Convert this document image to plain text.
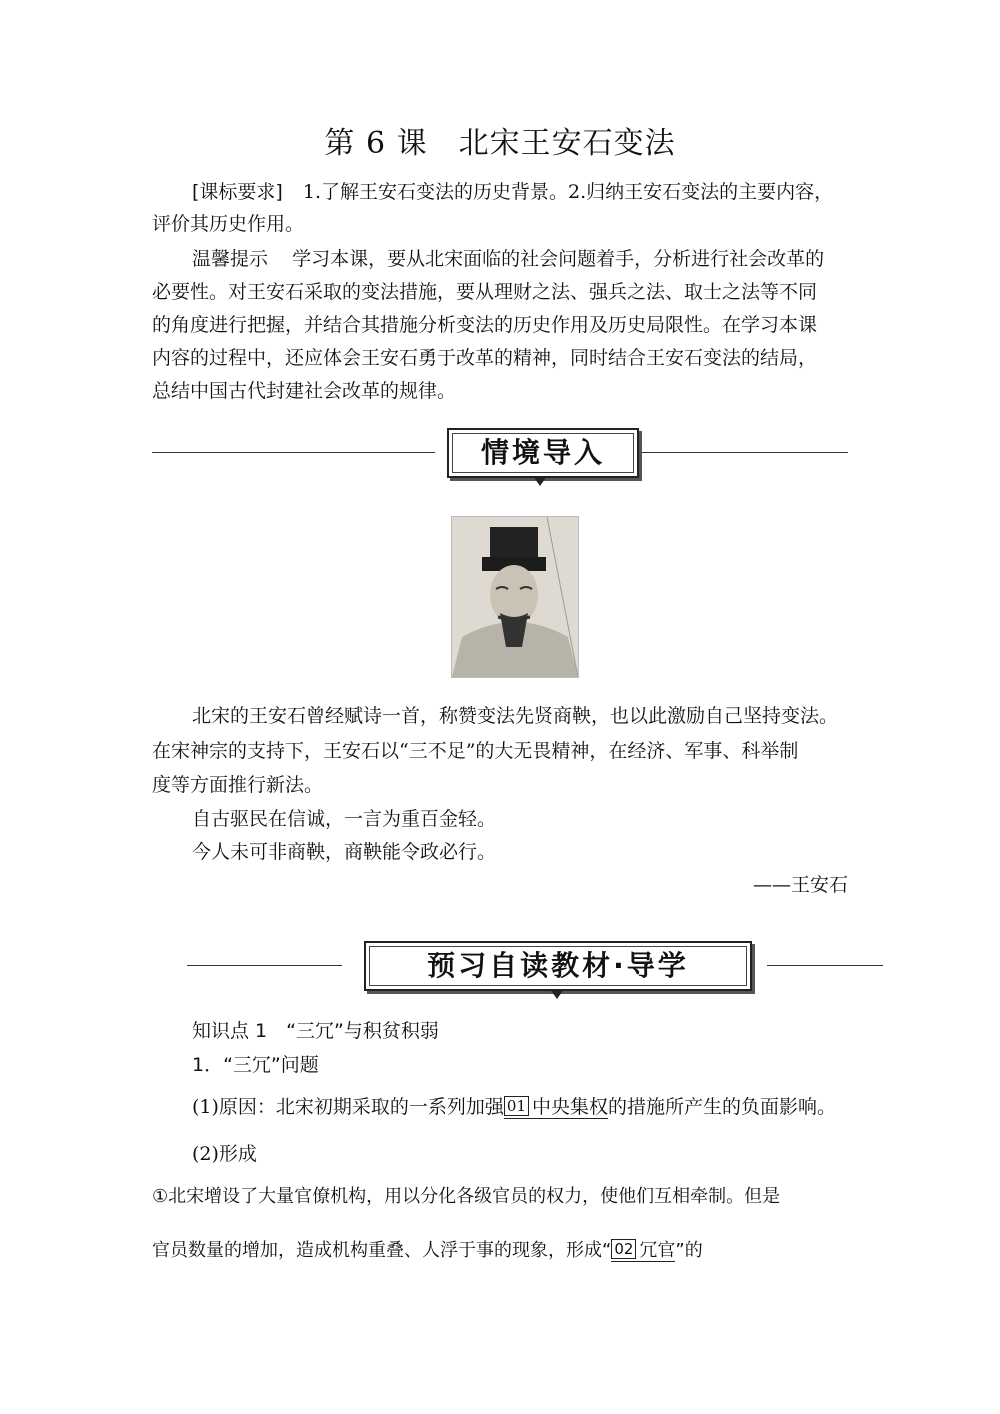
第 6 课　北宋王安石变法
[课标要求] 1.了解王安石变法的历史背景。2.归纳王安石变法的主要内容，
评价其历史作用。
温馨提示 学习本课，要从北宋面临的社会问题着手，分析进行社会改革的
必要性。对王安石采取的变法措施，要从理财之法、强兵之法、取士之法等不同
的角度进行把握，并结合其措施分析变法的历史作用及历史局限性。在学习本课
内容的过程中，还应体会王安石勇于改革的精神，同时结合王安石变法的结局，
总结中国古代封建社会改革的规律。
情境导入
北宋的王安石曾经赋诗一首，称赞变法先贤商鞅，也以此激励自己坚持变法。
在宋神宗的支持下，王安石以“三不足”的大无畏精神，在经济、军事、科举制
度等方面推行新法。
自古驱民在信诚，一言为重百金轻。
今人未可非商鞅，商鞅能令政必行。
——王安石
预习自读教材·导学
知识点 1　“三冗”与积贫积弱
1．“三冗”问题
(1)原因：北宋初期采取的一系列加强 01 中央集权的措施所产生的负面影响。
(2)形成
①北宋增设了大量官僚机构，用以分化各级官员的权力，使他们互相牵制。但是
官员数量的增加，造成机构重叠、人浮于事的现象，形成“ 02 冗官”的
